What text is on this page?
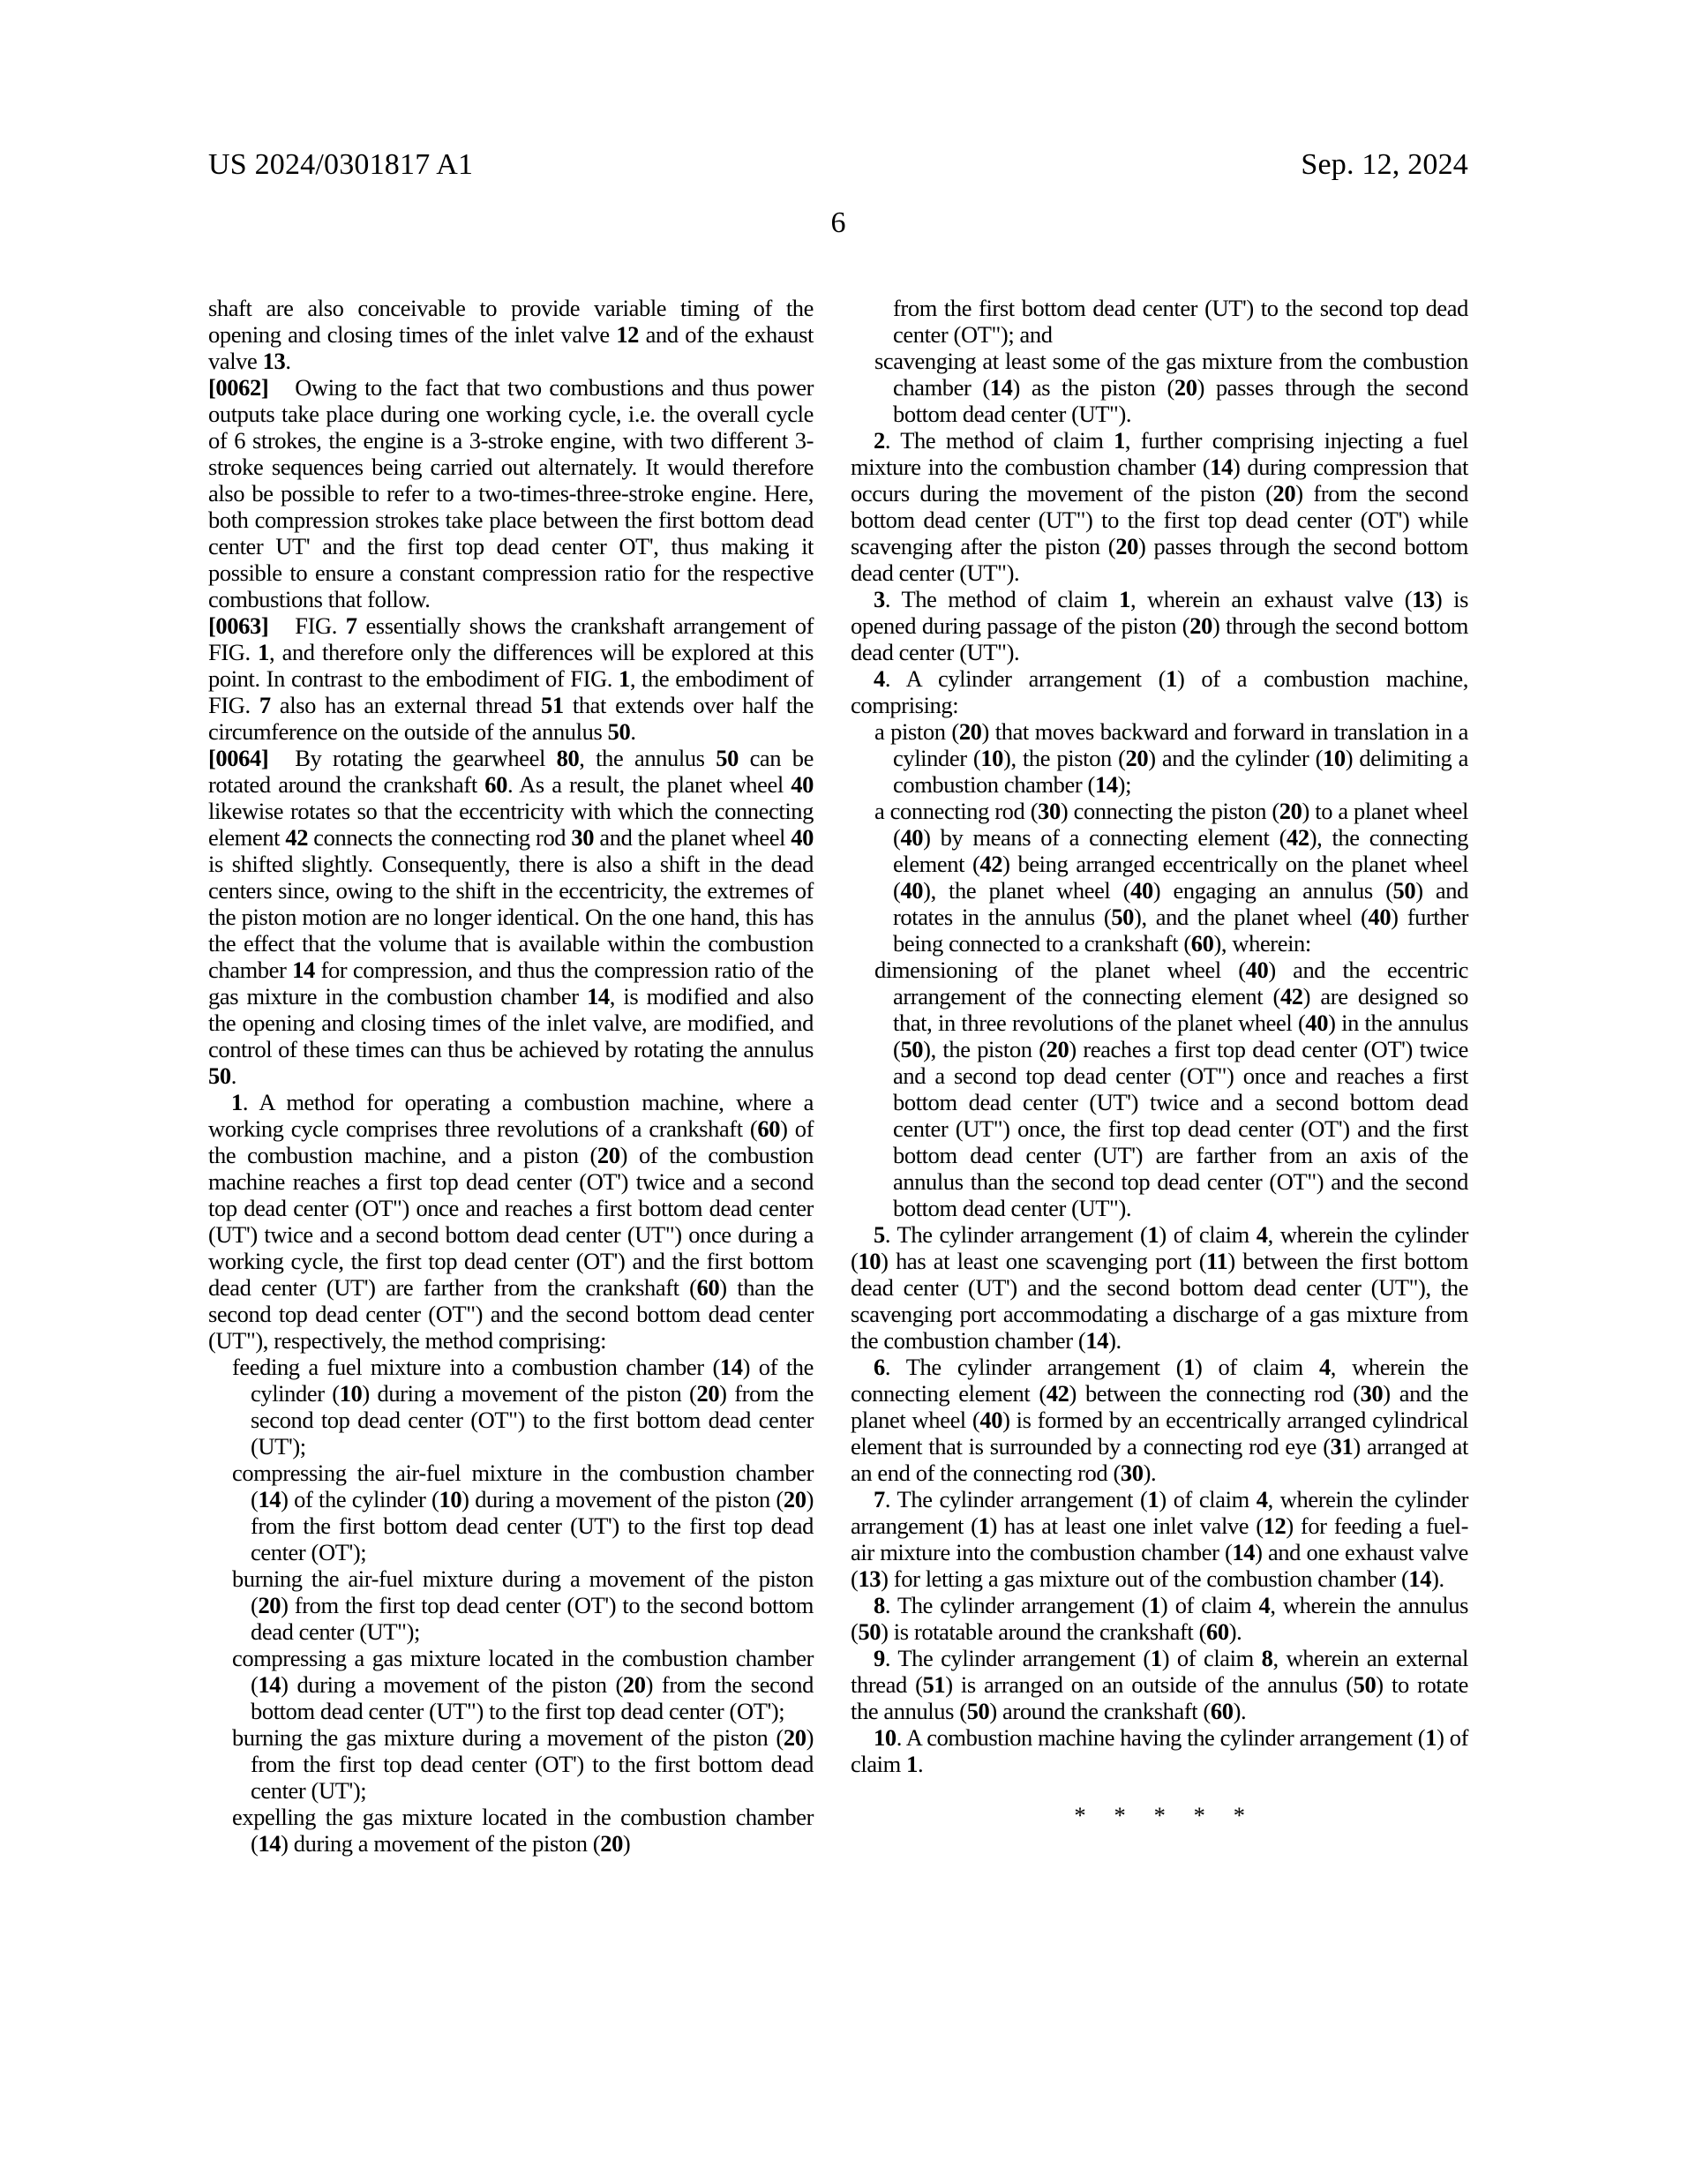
US 2024/0301817 A1	Sep. 12, 2024
6

shaft are also conceivable to provide variable timing of the opening and closing times of the inlet valve 12 and of the exhaust valve 13.

[0062] Owing to the fact that two combustions and thus power outputs take place during one working cycle, i.e. the overall cycle of 6 strokes, the engine is a 3-stroke engine, with two different 3-stroke sequences being carried out alternately. It would therefore also be possible to refer to a two-times-three-stroke engine. Here, both compression strokes take place between the first bottom dead center UT' and the first top dead center OT', thus making it possible to ensure a constant compression ratio for the respective combustions that follow.

[0063] FIG. 7 essentially shows the crankshaft arrangement of FIG. 1, and therefore only the differences will be explored at this point. In contrast to the embodiment of FIG. 1, the embodiment of FIG. 7 also has an external thread 51 that extends over half the circumference on the outside of the annulus 50.

[0064] By rotating the gearwheel 80, the annulus 50 can be rotated around the crankshaft 60. As a result, the planet wheel 40 likewise rotates so that the eccentricity with which the connecting element 42 connects the connecting rod 30 and the planet wheel 40 is shifted slightly. Consequently, there is also a shift in the dead centers since, owing to the shift in the eccentricity, the extremes of the piston motion are no longer identical. On the one hand, this has the effect that the volume that is available within the combustion chamber 14 for compression, and thus the compression ratio of the gas mixture in the combustion chamber 14, is modified and also the opening and closing times of the inlet valve, are modified, and control of these times can thus be achieved by rotating the annulus 50.

1. A method for operating a combustion machine, where a working cycle comprises three revolutions of a crankshaft (60) of the combustion machine, and a piston (20) of the combustion machine reaches a first top dead center (OT') twice and a second top dead center (OT") once and reaches a first bottom dead center (UT') twice and a second bottom dead center (UT") once during a working cycle, the first top dead center (OT') and the first bottom dead center (UT') are farther from the crankshaft (60) than the second top dead center (OT") and the second bottom dead center (UT"), respectively, the method comprising:

feeding a fuel mixture into a combustion chamber (14) of the cylinder (10) during a movement of the piston (20) from the second top dead center (OT") to the first bottom dead center (UT');

compressing the air-fuel mixture in the combustion chamber (14) of the cylinder (10) during a movement of the piston (20) from the first bottom dead center (UT') to the first top dead center (OT');

burning the air-fuel mixture during a movement of the piston (20) from the first top dead center (OT') to the second bottom dead center (UT");

compressing a gas mixture located in the combustion chamber (14) during a movement of the piston (20) from the second bottom dead center (UT") to the first top dead center (OT');

burning the gas mixture during a movement of the piston (20) from the first top dead center (OT') to the first bottom dead center (UT');

expelling the gas mixture located in the combustion chamber (14) during a movement of the piston (20)

from the first bottom dead center (UT') to the second top dead center (OT"); and

scavenging at least some of the gas mixture from the combustion chamber (14) as the piston (20) passes through the second bottom dead center (UT").

2. The method of claim 1, further comprising injecting a fuel mixture into the combustion chamber (14) during compression that occurs during the movement of the piston (20) from the second bottom dead center (UT") to the first top dead center (OT') while scavenging after the piston (20) passes through the second bottom dead center (UT").

3. The method of claim 1, wherein an exhaust valve (13) is opened during passage of the piston (20) through the second bottom dead center (UT").

4. A cylinder arrangement (1) of a combustion machine, comprising:

a piston (20) that moves backward and forward in translation in a cylinder (10), the piston (20) and the cylinder (10) delimiting a combustion chamber (14);

a connecting rod (30) connecting the piston (20) to a planet wheel (40) by means of a connecting element (42), the connecting element (42) being arranged eccentrically on the planet wheel (40), the planet wheel (40) engaging an annulus (50) and rotates in the annulus (50), and the planet wheel (40) further being connected to a crankshaft (60), wherein:

dimensioning of the planet wheel (40) and the eccentric arrangement of the connecting element (42) are designed so that, in three revolutions of the planet wheel (40) in the annulus (50), the piston (20) reaches a first top dead center (OT') twice and a second top dead center (OT") once and reaches a first bottom dead center (UT') twice and a second bottom dead center (UT") once, the first top dead center (OT') and the first bottom dead center (UT') are farther from an axis of the annulus than the second top dead center (OT") and the second bottom dead center (UT").

5. The cylinder arrangement (1) of claim 4, wherein the cylinder (10) has at least one scavenging port (11) between the first bottom dead center (UT') and the second bottom dead center (UT"), the scavenging port accommodating a discharge of a gas mixture from the combustion chamber (14).

6. The cylinder arrangement (1) of claim 4, wherein the connecting element (42) between the connecting rod (30) and the planet wheel (40) is formed by an eccentrically arranged cylindrical element that is surrounded by a connecting rod eye (31) arranged at an end of the connecting rod (30).

7. The cylinder arrangement (1) of claim 4, wherein the cylinder arrangement (1) has at least one inlet valve (12) for feeding a fuel-air mixture into the combustion chamber (14) and one exhaust valve (13) for letting a gas mixture out of the combustion chamber (14).

8. The cylinder arrangement (1) of claim 4, wherein the annulus (50) is rotatable around the crankshaft (60).

9. The cylinder arrangement (1) of claim 8, wherein an external thread (51) is arranged on an outside of the annulus (50) to rotate the annulus (50) around the crankshaft (60).

10. A combustion machine having the cylinder arrangement (1) of claim 1.

* * * * *
